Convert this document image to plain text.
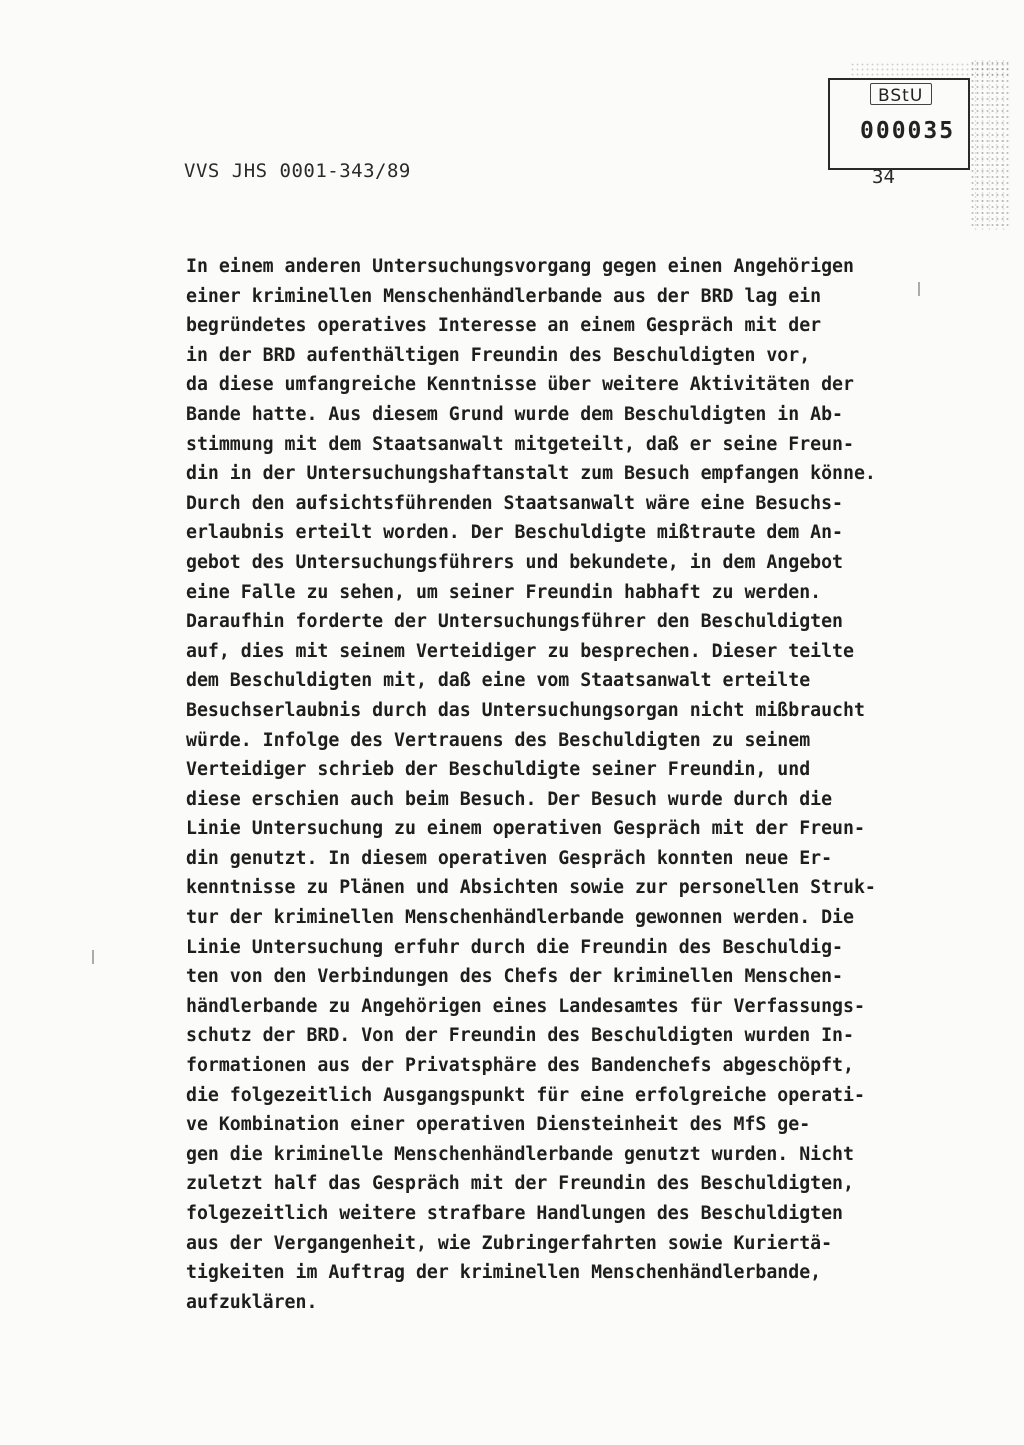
BStU
000035
VVS JHS 0001-343/89	34
In einem anderen Untersuchungsvorgang gegen einen Angehörigen
einer kriminellen Menschenhändlerbande aus der BRD lag ein
begründetes operatives Interesse an einem Gespräch mit der
in der BRD aufenthältigen Freundin des Beschuldigten vor,
da diese umfangreiche Kenntnisse über weitere Aktivitäten der
Bande hatte. Aus diesem Grund wurde dem Beschuldigten in Ab-
stimmung mit dem Staatsanwalt mitgeteilt, daß er seine Freun-
din in der Untersuchungshaftanstalt zum Besuch empfangen könne.
Durch den aufsichtsführenden Staatsanwalt wäre eine Besuchs-
erlaubnis erteilt worden. Der Beschuldigte mißtraute dem An-
gebot des Untersuchungsführers und bekundete, in dem Angebot
eine Falle zu sehen, um seiner Freundin habhaft zu werden.
Daraufhin forderte der Untersuchungsführer den Beschuldigten
auf, dies mit seinem Verteidiger zu besprechen. Dieser teilte
dem Beschuldigten mit, daß eine vom Staatsanwalt erteilte
Besuchserlaubnis durch das Untersuchungsorgan nicht mißbraucht
würde. Infolge des Vertrauens des Beschuldigten zu seinem
Verteidiger schrieb der Beschuldigte seiner Freundin, und
diese erschien auch beim Besuch. Der Besuch wurde durch die
Linie Untersuchung zu einem operativen Gespräch mit der Freun-
din genutzt. In diesem operativen Gespräch konnten neue Er-
kenntnisse zu Plänen und Absichten sowie zur personellen Struk-
tur der kriminellen Menschenhändlerbande gewonnen werden. Die
Linie Untersuchung erfuhr durch die Freundin des Beschuldig-
ten von den Verbindungen des Chefs der kriminellen Menschen-
händlerbande zu Angehörigen eines Landesamtes für Verfassungs-
schutz der BRD. Von der Freundin des Beschuldigten wurden In-
formationen aus der Privatsphäre des Bandenchefs abgeschöpft,
die folgezeitlich Ausgangspunkt für eine erfolgreiche operati-
ve Kombination einer operativen Diensteinheit des MfS ge-
gen die kriminelle Menschenhändlerbande genutzt wurden. Nicht
zuletzt half das Gespräch mit der Freundin des Beschuldigten,
folgezeitlich weitere strafbare Handlungen des Beschuldigten
aus der Vergangenheit, wie Zubringerfahrten sowie Kuriertä-
tigkeiten im Auftrag der kriminellen Menschenhändlerbande,
aufzuklären.
